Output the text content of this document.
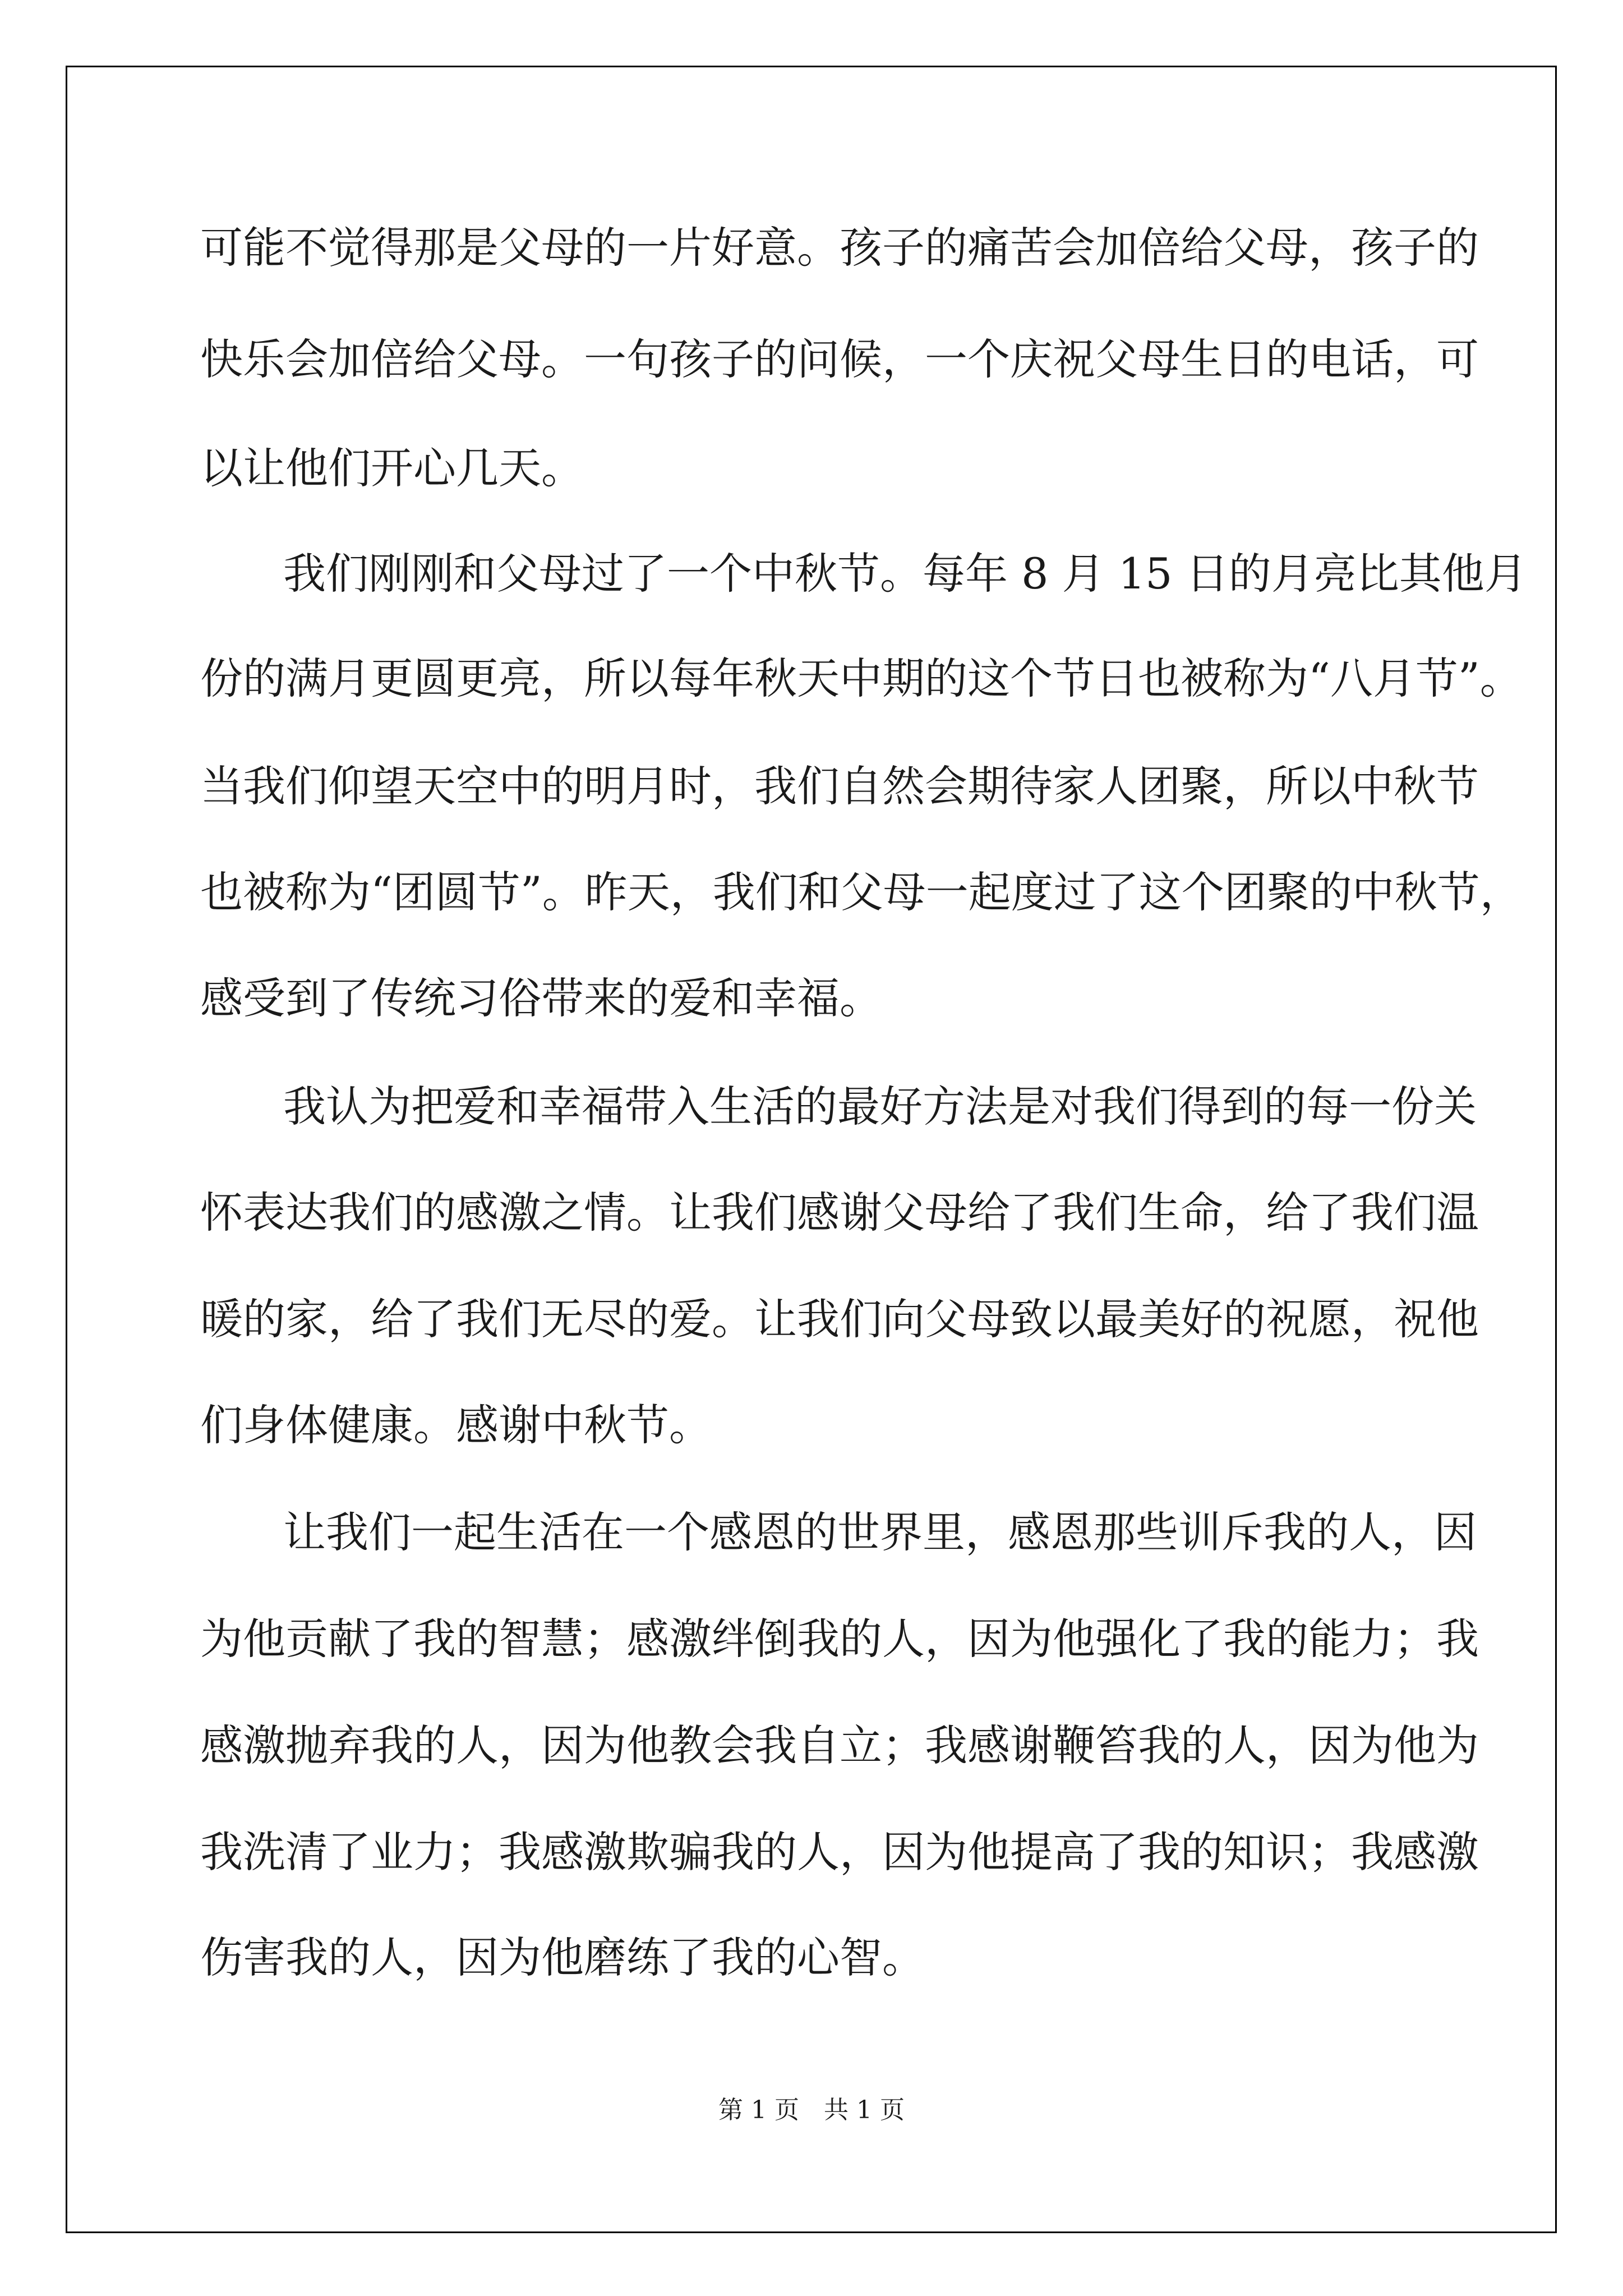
可能不觉得那是父母的一片好意。孩子的痛苦会加倍给父母，孩子的
快乐会加倍给父母。一句孩子的问候，一个庆祝父母生日的电话，可
以让他们开心几天。
我们刚刚和父母过了一个中秋节。每年 8 月 15 日的月亮比其他月
份的满月更圆更亮，所以每年秋天中期的这个节日也被称为“八月节”。
当我们仰望天空中的明月时，我们自然会期待家人团聚，所以中秋节
也被称为“团圆节”。昨天，我们和父母一起度过了这个团聚的中秋节，
感受到了传统习俗带来的爱和幸福。
我认为把爱和幸福带入生活的最好方法是对我们得到的每一份关
怀表达我们的感激之情。让我们感谢父母给了我们生命，给了我们温
暖的家，给了我们无尽的爱。让我们向父母致以最美好的祝愿，祝他
们身体健康。感谢中秋节。
让我们一起生活在一个感恩的世界里，感恩那些训斥我的人，因
为他贡献了我的智慧；感激绊倒我的人，因为他强化了我的能力；我
感激抛弃我的人，因为他教会我自立；我感谢鞭笞我的人，因为他为
我洗清了业力；我感激欺骗我的人，因为他提高了我的知识；我感激
伤害我的人，因为他磨练了我的心智。
第 1 页　共 1 页
